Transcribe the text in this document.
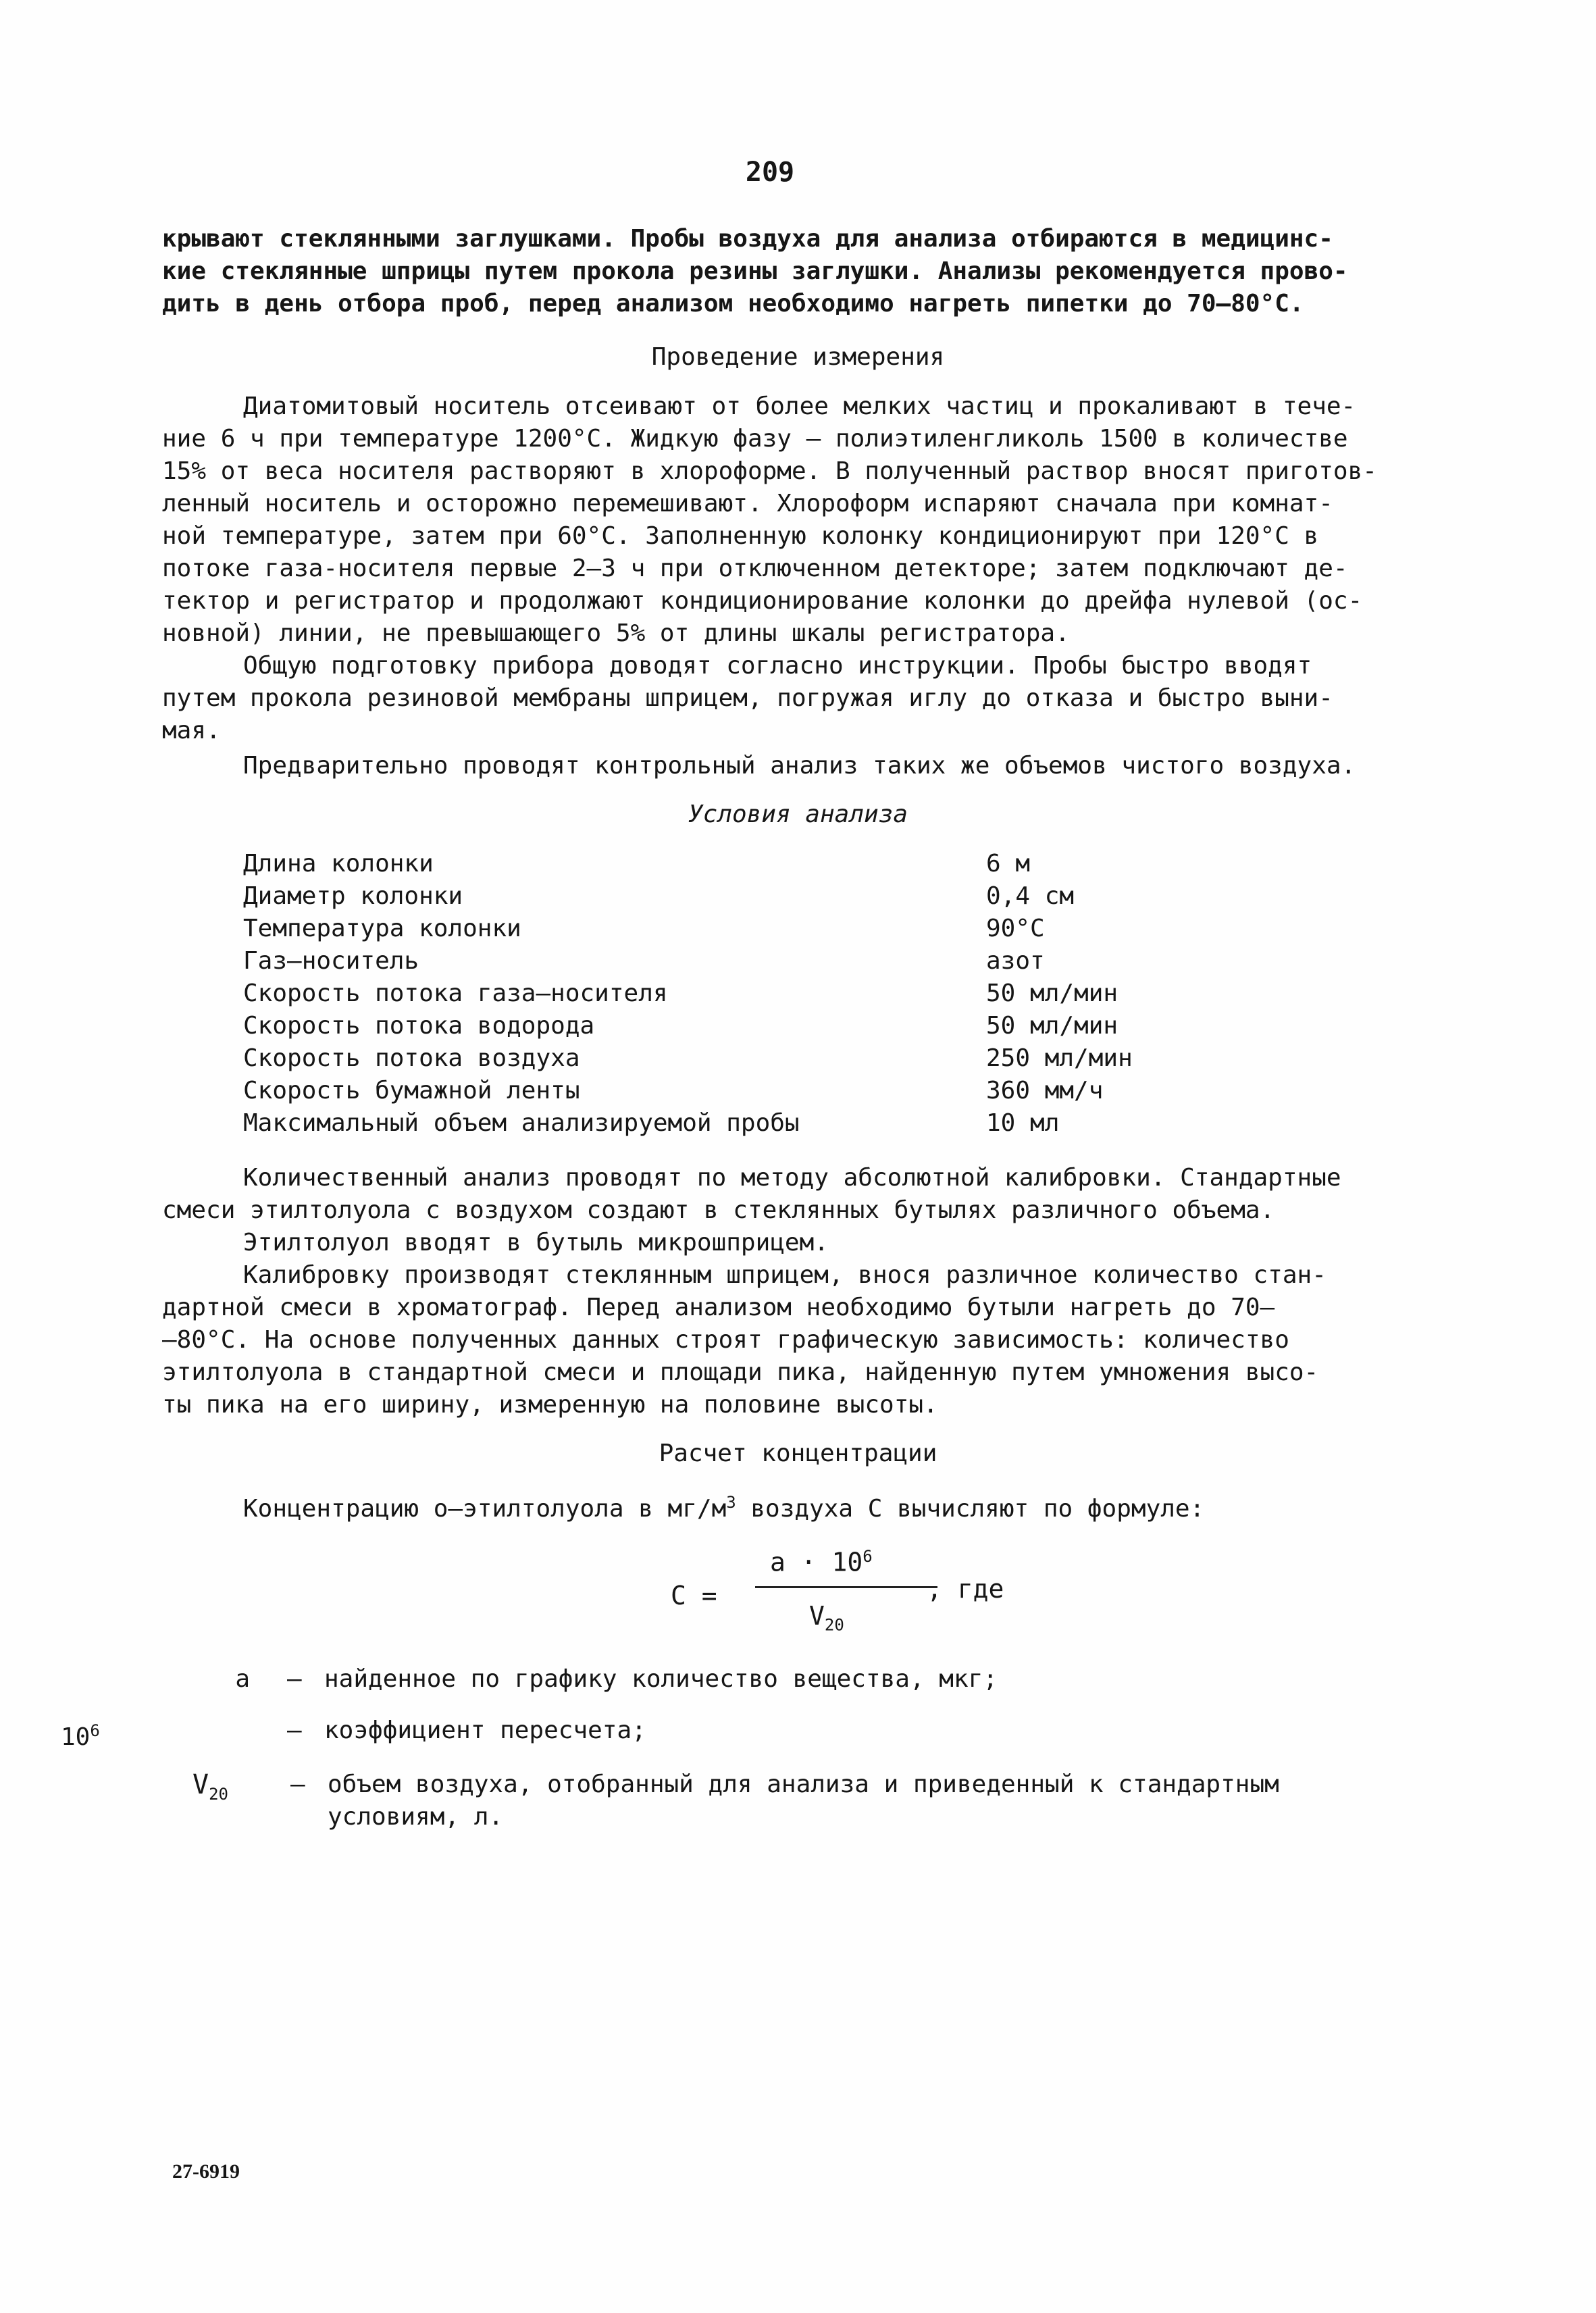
209
крывают стеклянными заглушками. Пробы воздуха для анализа отбираются в медицинс-
кие стеклянные шприцы путем прокола резины заглушки. Анализы рекомендуется прово-
дить в день отбора проб, перед анализом необходимо нагреть пипетки до 70–80°С.
Проведение измерения
Диатомитовый носитель отсеивают от более мелких частиц и прокаливают в тече-
ние 6 ч при температуре 1200°С. Жидкую фазу – полиэтиленгликоль 1500 в количестве
15% от веса носителя растворяют в хлороформе. В полученный раствор вносят приготов-
ленный носитель и осторожно перемешивают. Хлороформ испаряют сначала при комнат-
ной температуре, затем при 60°С. Заполненную колонку кондиционируют при 120°С в
потоке газа-носителя первые 2–3 ч при отключенном детекторе; затем подключают де-
тектор и регистратор и продолжают кондиционирование колонки до дрейфа нулевой (ос-
новной) линии, не превышающего 5% от длины шкалы регистратора.
Общую подготовку прибора доводят согласно инструкции. Пробы быстро вводят
путем прокола резиновой мембраны шприцем, погружая иглу до отказа и быстро выни-
мая.
Предварительно проводят контрольный анализ таких же объемов чистого воздуха.
Условия анализа
Длина колонки	6 м
Диаметр колонки	0,4 см
Температура колонки	90°С
Газ–носитель	азот
Скорость потока газа–носителя	50 мл/мин
Скорость потока водорода	50 мл/мин
Скорость потока воздуха	250 мл/мин
Скорость бумажной ленты	360 мм/ч
Максимальный объем анализируемой пробы	10 мл
Количественный анализ проводят по методу абсолютной калибровки. Стандартные
смеси этилтолуола с воздухом создают в стеклянных бутылях различного объема.
Этилтолуол вводят в бутыль микрошприцем.
Калибровку производят стеклянным шприцем, внося различное количество стан-
дартной смеси в хроматограф. Перед анализом необходимо бутыли нагреть до 70–
–80°С. На основе полученных данных строят графическую зависимость: количество
этилтолуола в стандартной смеси и площади пика, найденную путем умножения высо-
ты пика на его ширину, измеренную на половине высоты.
Расчет концентрации
Концентрацию о–этилтолуола в $мг/м^3$ воздуха С вычисляют по формуле:
С =
$а \cdot 10^6$
$V_{20}$
, где
а – найденное по графику количество вещества, мкг;
$10^6$	– коэффициент пересчета;
$V_{20}$	– объем воздуха, отобранный для анализа и приведенный к стандартным
условиям, л.
27-6919
